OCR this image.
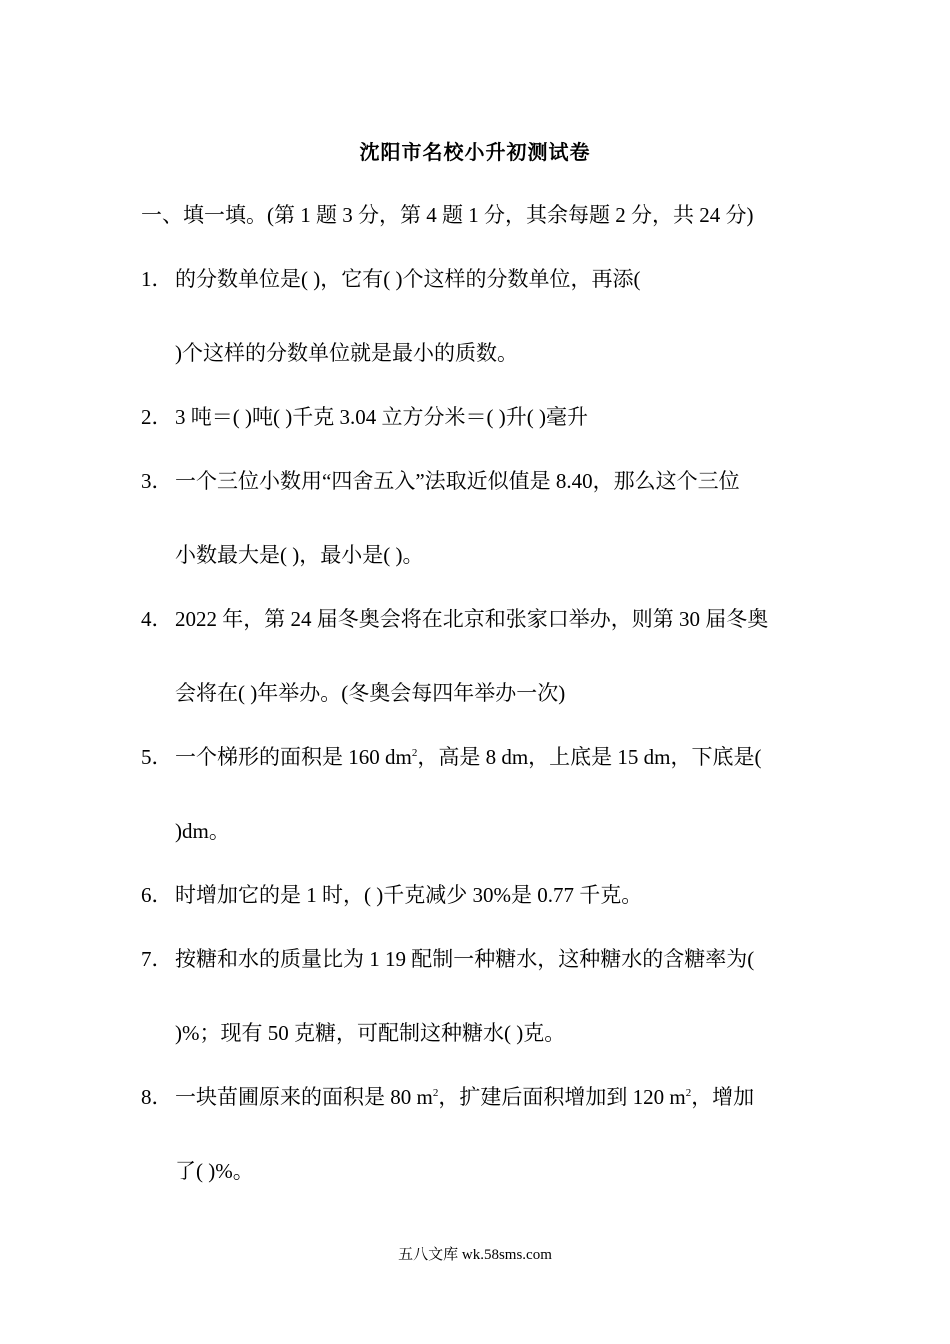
沈阳市名校小升初测试卷
一、填一填。(第 1 题 3 分，第 4 题 1 分，其余每题 2 分，共 24 分)
1． 的分数单位是( )，它有( )个这样的分数单位，再添(
)个这样的分数单位就是最小的质数。
2． 3 吨＝( )吨( )千克 3.04 立方分米＝( )升( )毫升
3． 一个三位小数用“四舍五入”法取近似值是 8.40，那么这个三位
小数最大是( )，最小是( )。
4． 2022 年，第 24 届冬奥会将在北京和张家口举办，则第 30 届冬奥
会将在( )年举办。(冬奥会每四年举办一次)
5． 一个梯形的面积是 160 $dm^2$，高是 8 dm，上底是 15 dm，下底是(
)dm。
6． 时增加它的是 1 时，( )千克减少 30%是 0.77 千克。
7． 按糖和水的质量比为 1 19 配制一种糖水，这种糖水的含糖率为(
)%；现有 50 克糖，可配制这种糖水( )克。
8． 一块苗圃原来的面积是 80 $m^2$，扩建后面积增加到 120 $m^2$，增加
了( )%。
五八文库 wk.58sms.com
